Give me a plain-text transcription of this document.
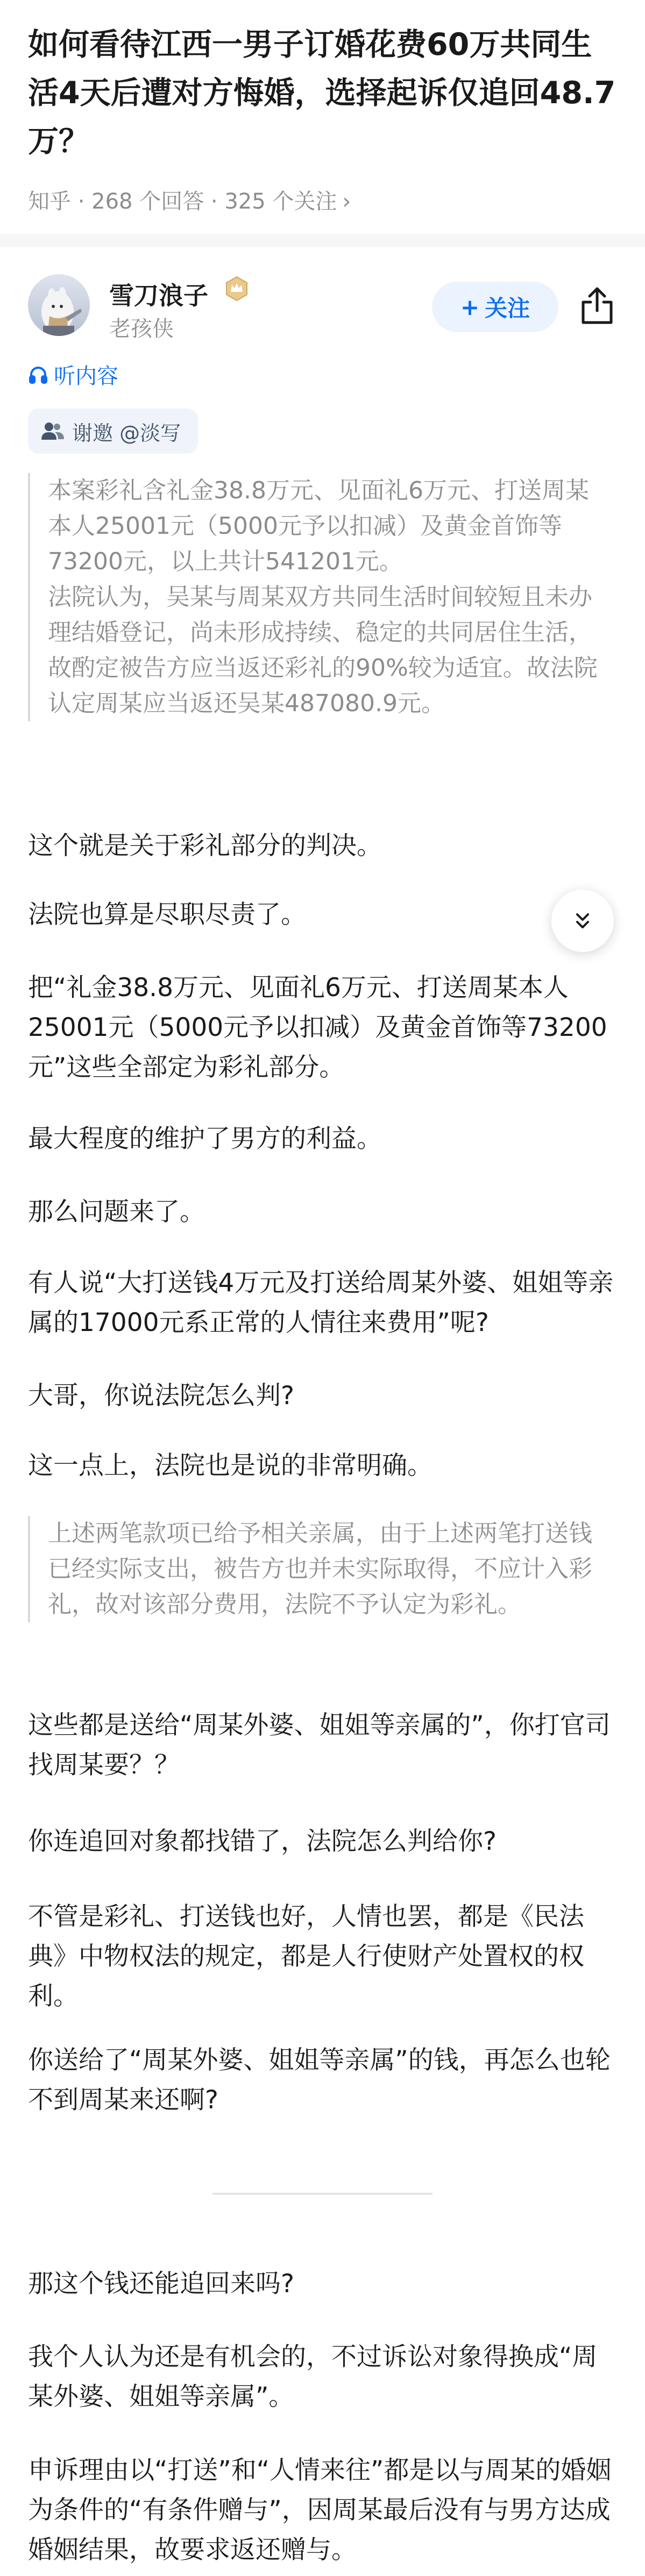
如何看待江西一男子订婚花费60万共同生活4天后遭对方悔婚，选择起诉仅追回48.7万？
知乎 · 268 个回答 · 325 个关注 ›
雪刀浪子
老孩侠
+ 关注
听内容
谢邀 @淡写

本案彩礼含礼金38.8万元、见面礼6万元、打送周某本人25001元（5000元予以扣减）及黄金首饰等73200元，以上共计541201元。

法院认为，吴某与周某双方共同生活时间较短且未办理结婚登记，尚未形成持续、稳定的共同居住生活，故酌定被告方应当返还彩礼的90%较为适宜。故法院认定周某应当返还吴某487080.9元。

这个就是关于彩礼部分的判决。

法院也算是尽职尽责了。

把“礼金38.8万元、见面礼6万元、打送周某本人25001元（5000元予以扣减）及黄金首饰等73200元”这些全部定为彩礼部分。

最大程度的维护了男方的利益。

那么问题来了。

有人说“大打送钱4万元及打送给周某外婆、姐姐等亲属的17000元系正常的人情往来费用”呢?

大哥，你说法院怎么判?

这一点上，法院也是说的非常明确。

上述两笔款项已给予相关亲属，由于上述两笔打送钱已经实际支出，被告方也并未实际取得，不应计入彩礼，故对该部分费用，法院不予认定为彩礼。

这些都是送给“周某外婆、姐姐等亲属的”，你打官司找周某要？？

你连追回对象都找错了，法院怎么判给你?

不管是彩礼、打送钱也好，人情也罢，都是《民法典》中物权法的规定，都是人行使财产处置权的权利。

你送给了“周某外婆、姐姐等亲属”的钱，再怎么也轮不到周某来还啊?

那这个钱还能追回来吗?

我个人认为还是有机会的，不过诉讼对象得换成“周某外婆、姐姐等亲属”。

申诉理由以“打送”和“人情来往”都是以与周某的婚姻为条件的“有条件赠与”，因周某最后没有与男方达成婚姻结果，故要求返还赠与。
